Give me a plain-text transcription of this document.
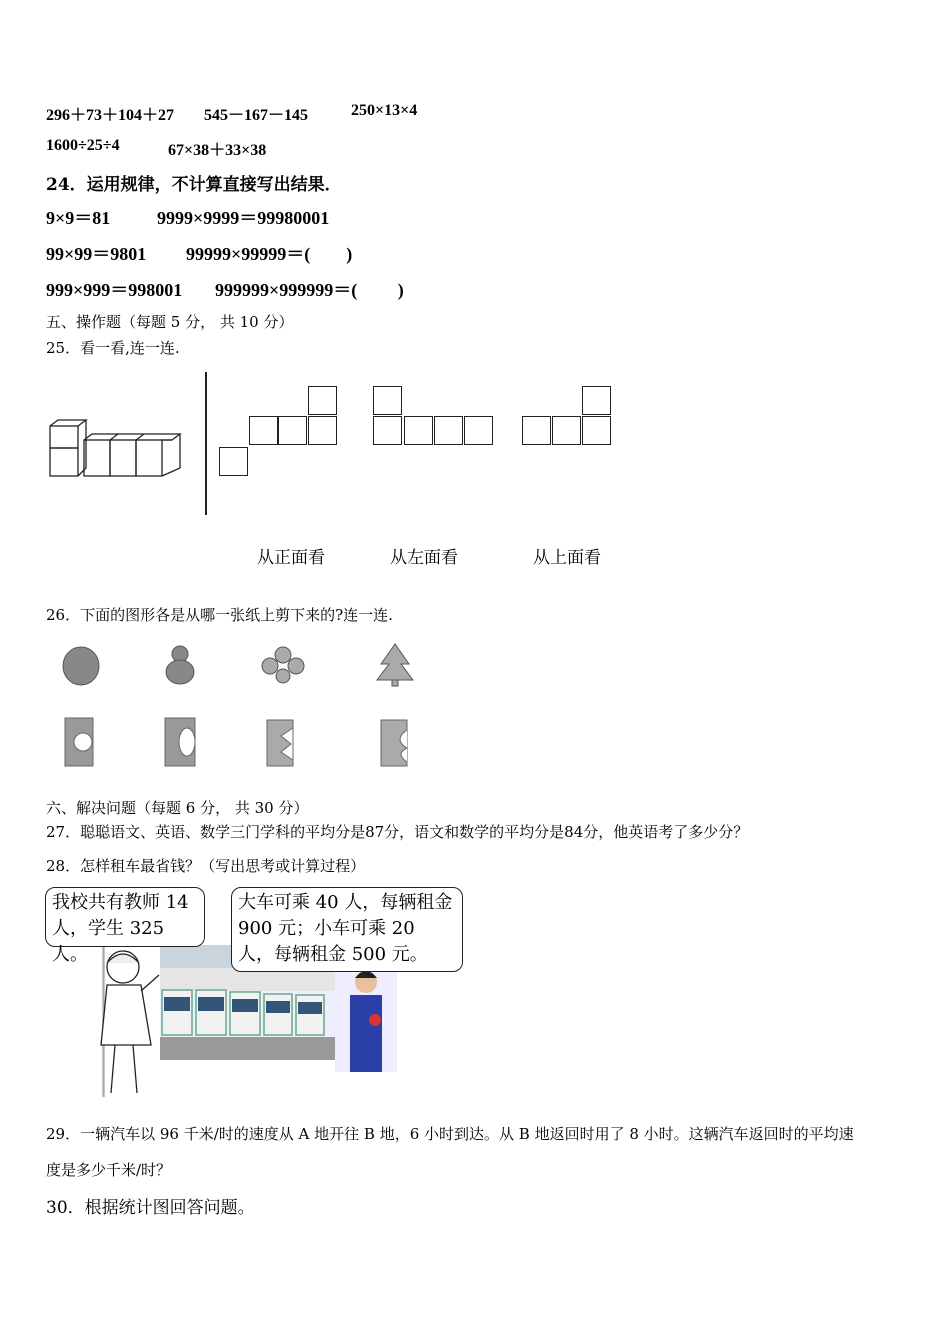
296＋73＋104＋27 545－167－145	250×13×4
1600÷25÷4	67×38＋33×38
24．运用规律，不计算直接写出结果．
9×9＝81	9999×9999＝99980001
99×99＝9801 99999×99999＝(　　)
999×999＝998001 999999×999999＝(　　 )
五、操作题（每题 5 分， 共 10 分）
25．看一看,连一连.
从正面看	从左面看	从上面看
26．下面的图形各是从哪一张纸上剪下来的?连一连.
六、解决问题（每题 6 分， 共 30 分）
27．聪聪语文、英语、数学三门学科的平均分是87分，语文和数学的平均分是84分，他英语考了多少分？
28．怎样租车最省钱？（写出思考或计算过程）
我校共有教师 14人，学生 325 人。
大车可乘 40 人，每辆租金900 元；小车可乘 20 人，每辆租金 500 元。
29．一辆汽车以 96 千米/时的速度从 A 地开往 B 地，6 小时到达。从 B 地返回时用了 8 小时。这辆汽车返回时的平均速
度是多少千米/时？
30．根据统计图回答问题。
